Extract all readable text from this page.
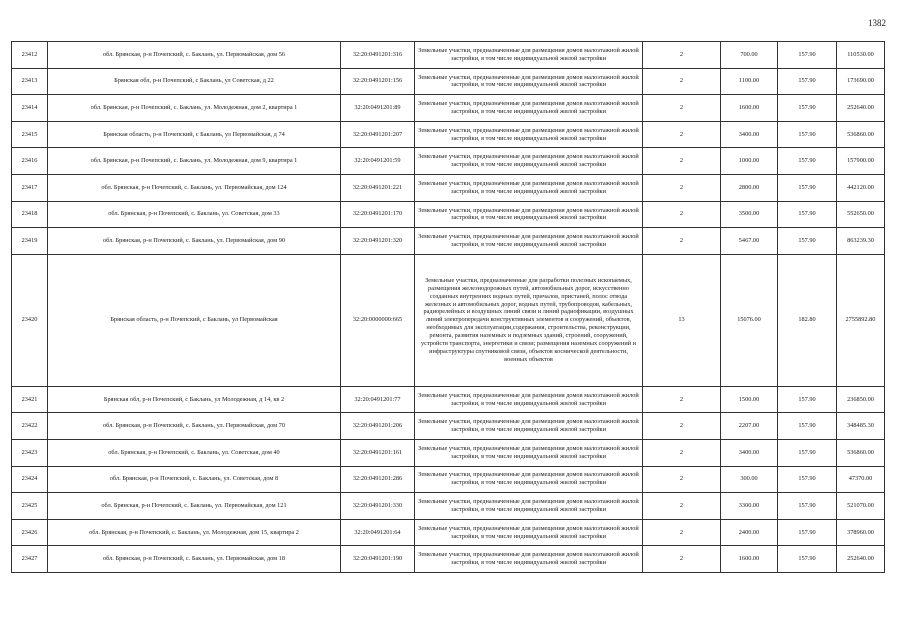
1382
23412	обл. Брянская, р-н Почепский, с. Баклань, ул. Первомайская, дом 56	32:20:0491201:316	Земельные участки, предназначенные для размещения домов малоэтажной жилой застройки, в том числе индивидуальной жилой застройки	2	700.00	157.90	110530.00
23413	Брянская обл, р-н Почепский, с Баклань, ул Советская, д 22	32:20:0491201:156	Земельные участки, предназначенные для размещения домов малоэтажной жилой застройки, в том числе индивидуальной жилой застройки	2	1100.00	157.90	173690.00
23414	обл. Брянская, р-н Почепский, с. Баклань, ул. Молодежная, дом 2, квартира 1	32:20:0491201:89	Земельные участки, предназначенные для размещения домов малоэтажной жилой застройки, в том числе индивидуальной жилой застройки	2	1600.00	157.90	252640.00
23415	Брянская область, р-н Почепский, с Баклань, ул Первомайская, д 74	32:20:0491201:207	Земельные участки, предназначенные для размещения домов малоэтажной жилой застройки, в том числе индивидуальной жилой застройки	2	3400.00	157.90	536860.00
23416	обл. Брянская, р-н Почепский, с. Баклань, ул. Молодежная, дом 9, квартира 1	32:20:0491201:59	Земельные участки, предназначенные для размещения домов малоэтажной жилой застройки, в том числе индивидуальной жилой застройки	2	1000.00	157.90	157900.00
23417	обл. Брянская, р-н Почепский, с. Баклань, ул. Первомайская, дом 124	32:20:0491201:221	Земельные участки, предназначенные для размещения домов малоэтажной жилой застройки, в том числе индивидуальной жилой застройки	2	2800.00	157.90	442120.00
23418	обл. Брянская, р-н Почепский, с. Баклань, ул. Советская, дом 33	32:20:0491201:170	Земельные участки, предназначенные для размещения домов малоэтажной жилой застройки, в том числе индивидуальной жилой застройки	2	3500.00	157.90	552650.00
23419	обл. Брянская, р-н Почепский, с. Баклань, ул. Первомайская, дом 90	32:20:0491201:320	Земельные участки, предназначенные для размещения домов малоэтажной жилой застройки, в том числе индивидуальной жилой застройки	2	5467.00	157.90	863239.30
23420	Брянская область, р-н Почепский, с Баклань, ул Первомайская	32:20:0000000:665	Земельные участки, предназначенные для разработки полезных ископаемых, размещения железнодорожных путей, автомобильных дорог, искусственно созданных внутренних водных путей, причалов, пристаней, полос отвода железных и автомобильных дорог, водных путей, трубопроводов, кабельных, радиорелейных и воздушных линий связи и линий радиофикации, воздушных линий электропередачи конструктивных элементов и сооружений, объектов, необходимых для эксплуатации,содержания, строительства, реконструкции, ремонта, развития наземных и подземных зданий, строений, сооружений, устройств транспорта, энергетики и связи; размещения наземных сооружений и инфраструктуры спутниковой связи, объектов космической деятельности, военных объектов	13	15076.00	182.80	2755892.80
23421	Брянская обл, р-н Почепский, с Баклань, ул Молодежная, д 14, кв 2	32:20:0491201:77	Земельные участки, предназначенные для размещения домов малоэтажной жилой застройки, в том числе индивидуальной жилой застройки	2	1500.00	157.90	236850.00
23422	обл. Брянская, р-н Почепский, с. Баклань, ул. Первомайская, дом 70	32:20:0491201:206	Земельные участки, предназначенные для размещения домов малоэтажной жилой застройки, в том числе индивидуальной жилой застройки	2	2207.00	157.90	348485.30
23423	обл. Брянская, р-н Почепский, с. Баклань, ул. Советская, дом 40	32:20:0491201:161	Земельные участки, предназначенные для размещения домов малоэтажной жилой застройки, в том числе индивидуальной жилой застройки	2	3400.00	157.90	536860.00
23424	обл. Брянская, р-н Почепский, с. Баклань, ул. Советская, дом 8	32:20:0491201:286	Земельные участки, предназначенные для размещения домов малоэтажной жилой застройки, в том числе индивидуальной жилой застройки	2	300.00	157.90	47370.00
23425	обл. Брянская, р-н Почепский, с. Баклань, ул. Первомайская, дом 121	32:20:0491201:330	Земельные участки, предназначенные для размещения домов малоэтажной жилой застройки, в том числе индивидуальной жилой застройки	2	3300.00	157.90	521070.00
23426	обл. Брянская, р-н Почепский, с. Баклань, ул. Молодежная, дом 15, квартира 2	32:20:0491201:64	Земельные участки, предназначенные для размещения домов малоэтажной жилой застройки, в том числе индивидуальной жилой застройки	2	2400.00	157.90	378960.00
23427	обл. Брянская, р-н Почепский, с. Баклань, ул. Первомайская, дом 18	32:20:0491201:190	Земельные участки, предназначенные для размещения домов малоэтажной жилой застройки, в том числе индивидуальной жилой застройки	2	1600.00	157.90	252640.00
